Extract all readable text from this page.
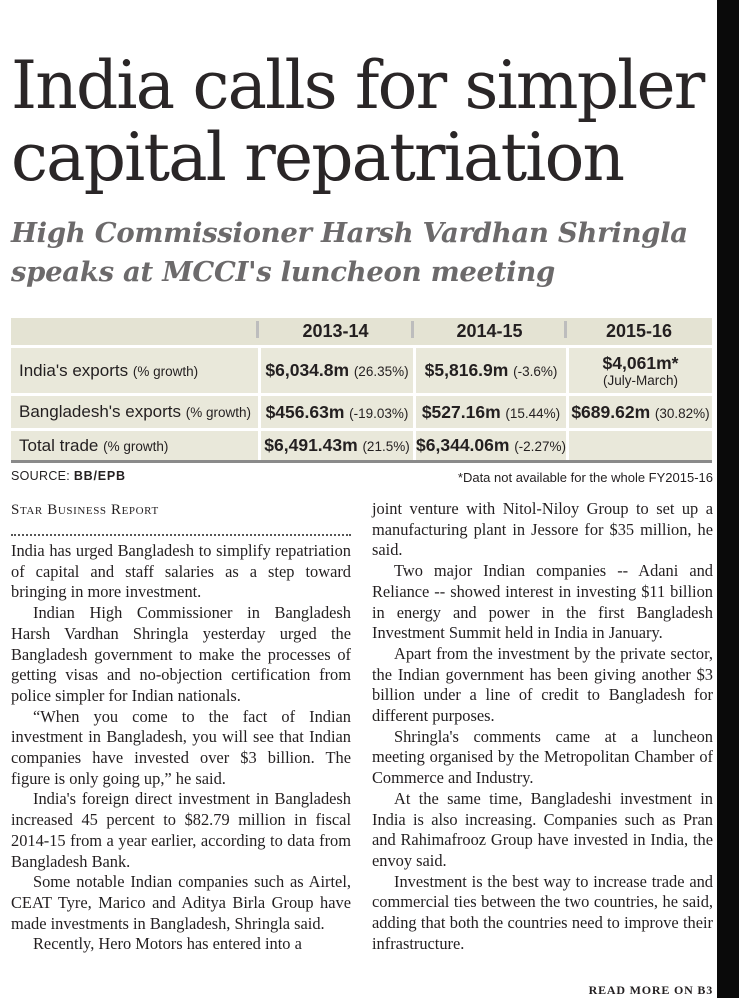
India calls for simpler capital repatriation
High Commissioner Harsh Vardhan Shringla speaks at MCCI's luncheon meeting

2013-14	2014-15	2015-16
India's exports (% growth)	$6,034.8m (26.35%)	$5,816.9m (-3.6%)	$4,061m*
(July-March)

Bangladesh's exports (% growth)	$456.63m (-19.03%)	$527.16m (15.44%)	$689.62m (30.82%)
Total trade (% growth)	$6,491.43m (21.5%)	$6,344.06m (-2.27%)	

SOURCE: BB/EPB	*Data not available for the whole FY2015-16
Star Business Report

India has urged Bangladesh to simplify repatriation of capital and staff salaries as a step toward bringing in more investment.

Indian High Commissioner in Bangladesh Harsh Vardhan Shringla yesterday urged the Bangladesh government to make the processes of getting visas and no-objection certification from police simpler for Indian nationals.

“When you come to the fact of Indian investment in Bangladesh, you will see that Indian companies have invested over $3 billion. The figure is only going up,” he said.

India's foreign direct investment in Bangladesh increased 45 percent to $82.79 million in fiscal 2014-15 from a year earlier, according to data from Bangladesh Bank.

Some notable Indian companies such as Airtel, CEAT Tyre, Marico and Aditya Birla Group have made investments in Bangladesh, Shringla said.

Recently, Hero Motors has entered into a

joint venture with Nitol-Niloy Group to set up a manufacturing plant in Jessore for $35 million, he said.

Two major Indian companies -- Adani and Reliance -- showed interest in investing $11 billion in energy and power in the first Bangladesh Investment Summit held in India in January.

Apart from the investment by the private sector, the Indian government has been giving another $3 billion under a line of credit to Bangladesh for different purposes.

Shringla's comments came at a luncheon meeting organised by the Metropolitan Chamber of Commerce and Industry.

At the same time, Bangladeshi investment in India is also increasing. Companies such as Pran and Rahimafrooz Group have invested in India, the envoy said.

Investment is the best way to increase trade and commercial ties between the two countries, he said, adding that both the countries need to improve their infrastructure.

READ MORE ON B3
